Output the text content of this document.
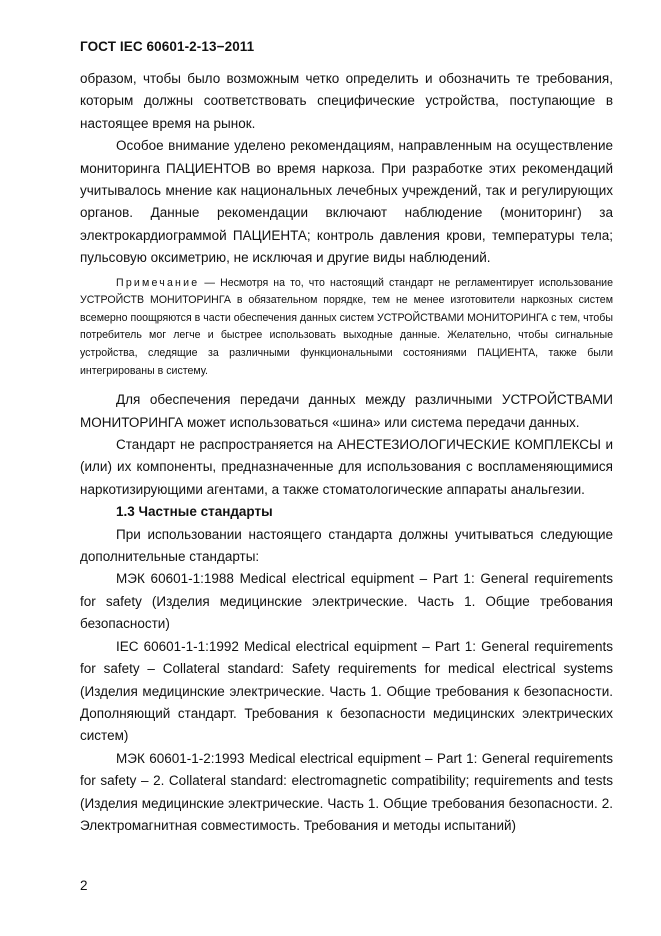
ГОСТ IEC 60601-2-13−2011

образом, чтобы было возможным четко определить и обозначить те требования, которым должны соответствовать специфические устройства, поступающие в настоящее время на рынок.

Особое внимание уделено рекомендациям, направленным на осуществление мониторинга ПАЦИЕНТОВ во время наркоза. При разработке этих рекомендаций учитывалось мнение как национальных лечебных учреждений, так и регулирующих органов. Данные рекомендации включают наблюдение (мониторинг) за электрокардиограммой ПАЦИЕНТА; контроль давления крови, температуры тела; пульсовую оксиметрию, не исключая и другие виды наблюдений.

Примечание — Несмотря на то, что настоящий стандарт не регламентирует использование УСТРОЙСТВ МОНИТОРИНГА в обязательном порядке, тем не менее изготовители наркозных систем всемерно поощряются в части обеспечения данных систем УСТРОЙСТВАМИ МОНИТОРИНГА с тем, чтобы потребитель мог легче и быстрее использовать выходные данные. Желательно, чтобы сигнальные устройства, следящие за различными функциональными состояниями ПАЦИЕНТА, также были интегрированы в систему.

Для обеспечения передачи данных между различными УСТРОЙСТВАМИ МОНИТОРИНГА может использоваться «шина» или система передачи данных.

Стандарт не распространяется на АНЕСТЕЗИОЛОГИЧЕСКИЕ КОМПЛЕКСЫ и (или) их компоненты, предназначенные для использования с воспламеняющимися наркотизирующими агентами, а также стоматологические аппараты анальгезии.

1.3 Частные стандарты

При использовании настоящего стандарта должны учитываться следующие дополнительные стандарты:

МЭК 60601-1:1988 Medical electrical equipment – Part 1: General requirements for safety (Изделия медицинские электрические. Часть 1. Общие требования безопасности)

IEC 60601-1-1:1992 Medical electrical equipment – Part 1: General requirements for safety – Collateral standard: Safety requirements for medical electrical systems (Изделия медицинские электрические. Часть 1. Общие требования к безопасности. Дополняющий стандарт. Требования к безопасности медицинских электрических систем)

МЭК 60601-1-2:1993 Medical electrical equipment – Part 1: General requirements for safety – 2. Collateral standard: electromagnetic compatibility; requirements and tests (Изделия медицинские электрические. Часть 1. Общие требования безопасности. 2. Электромагнитная совместимость. Требования и методы испытаний)

2
